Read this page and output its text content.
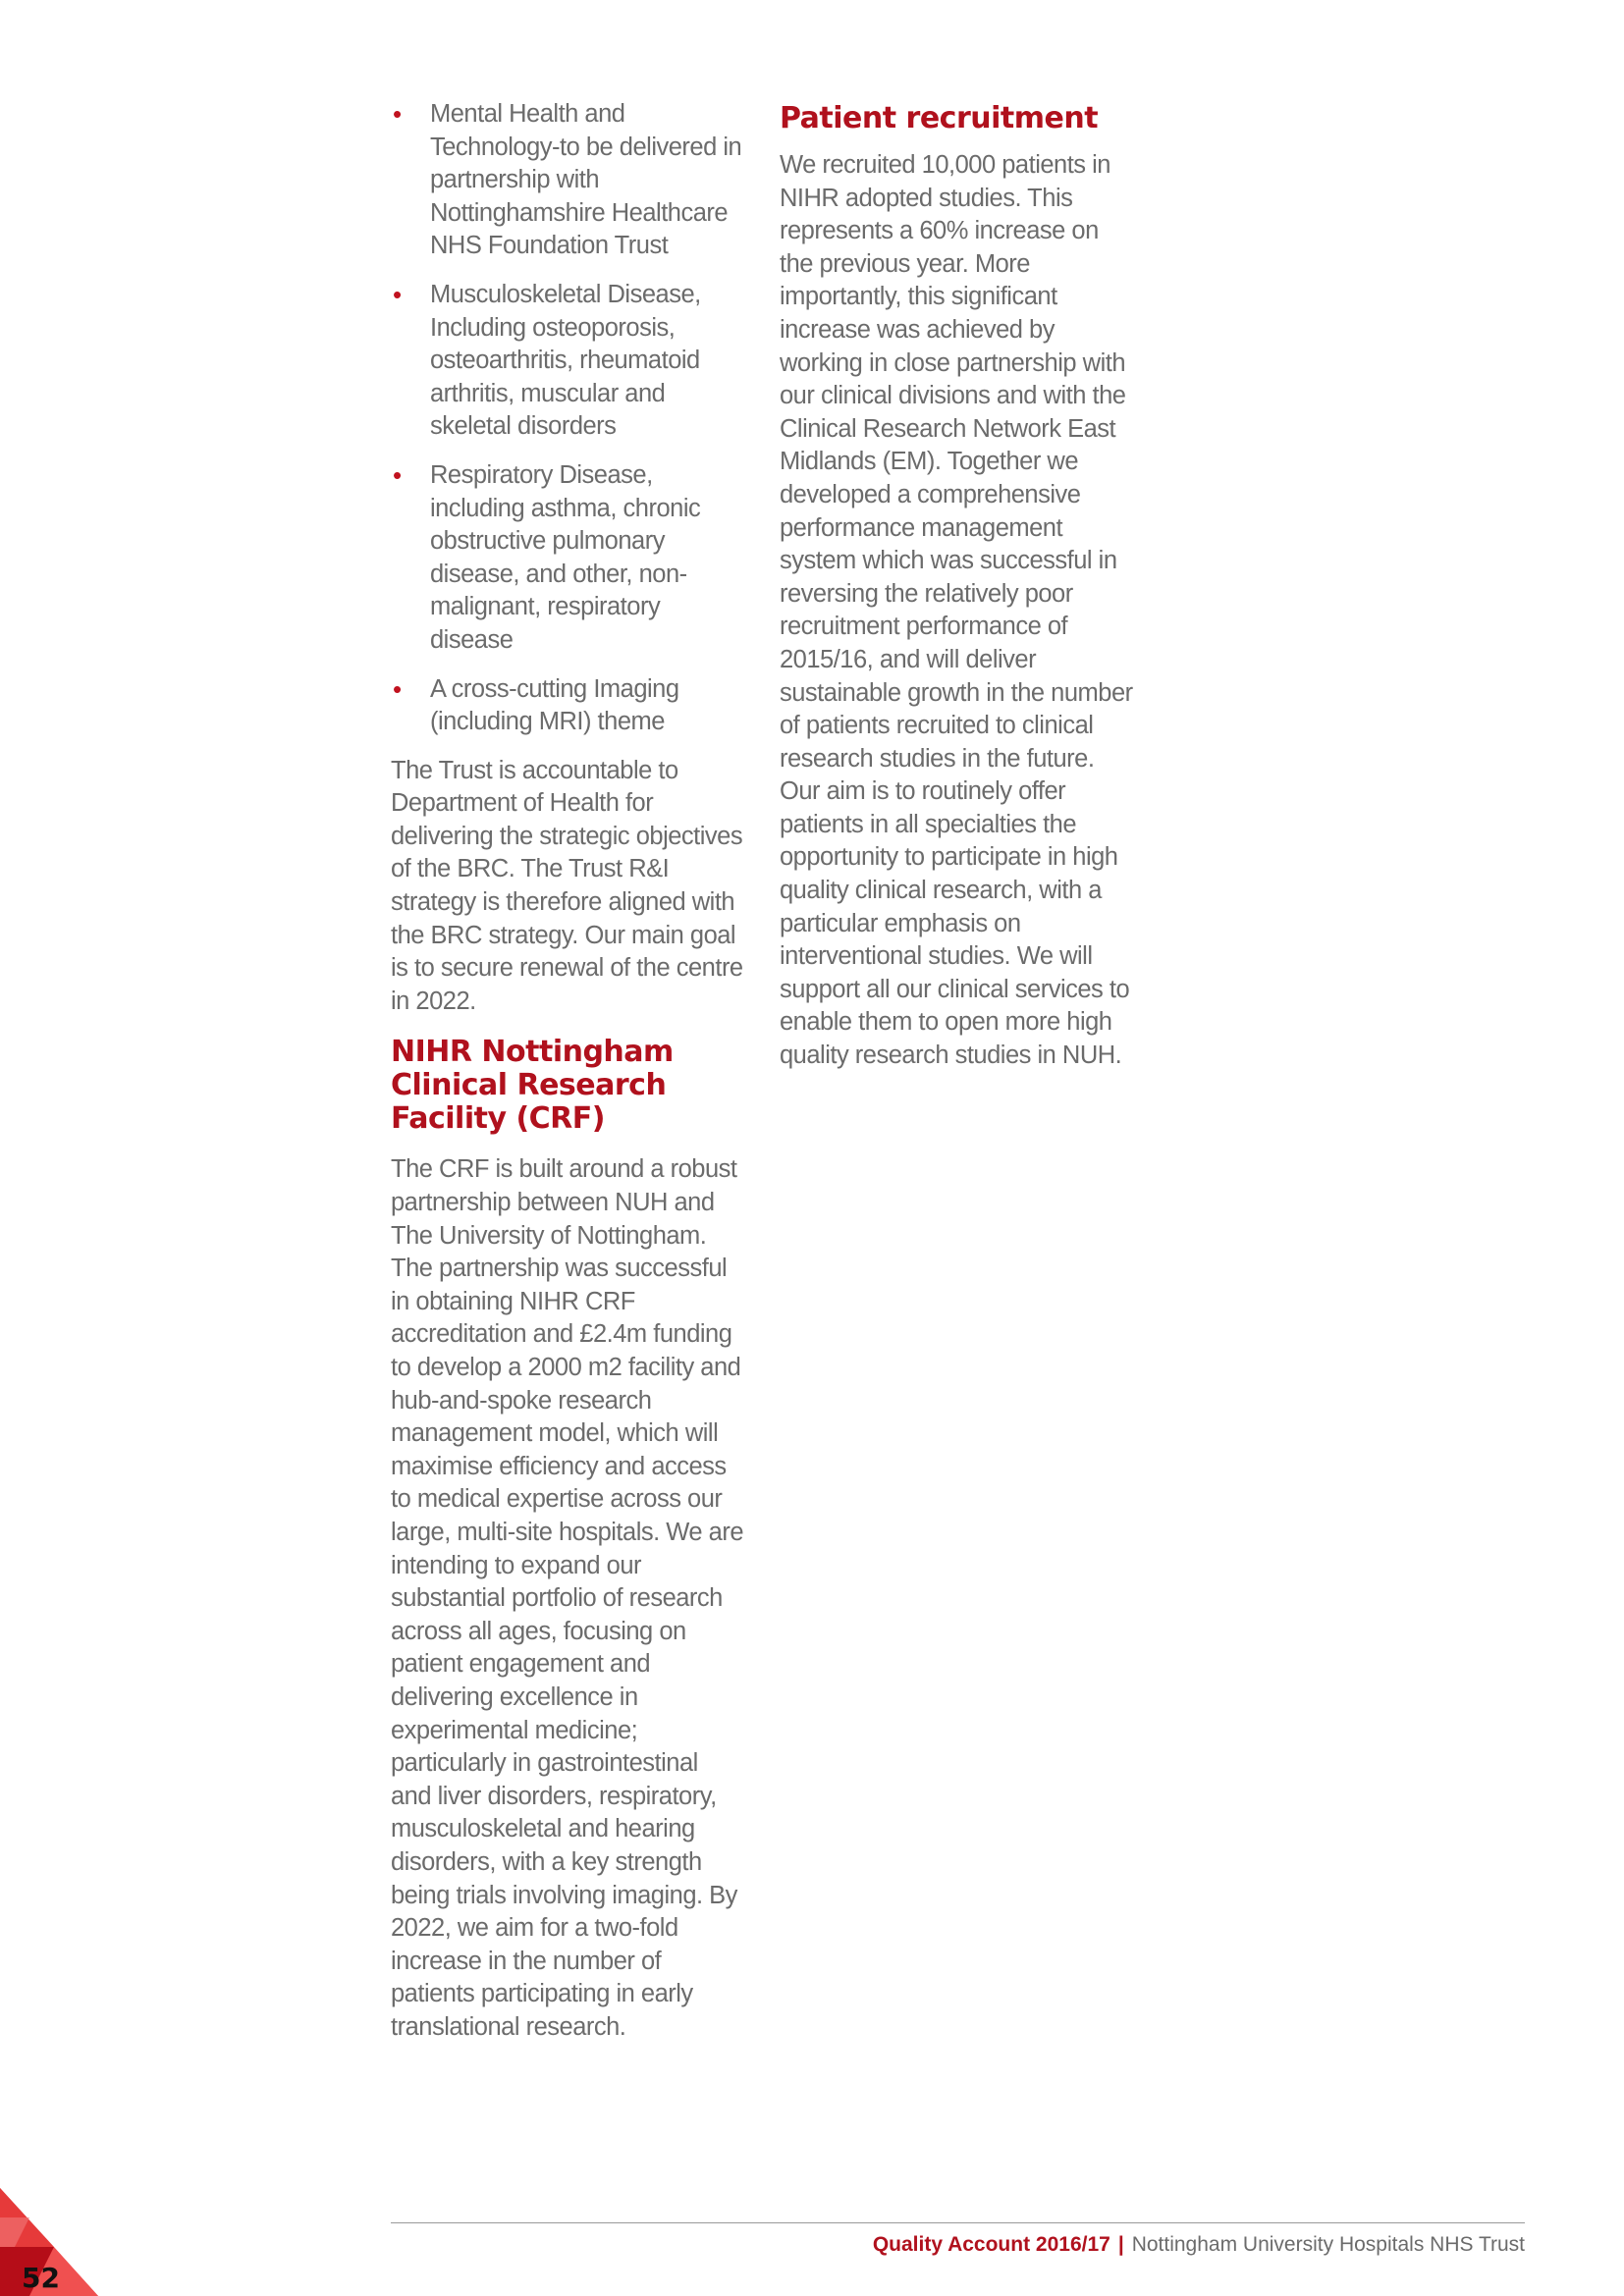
• Mental Health and Technology-to be delivered in partnership with Nottinghamshire Healthcare NHS Foundation Trust
• Musculoskeletal Disease, Including osteoporosis, osteoarthritis, rheumatoid arthritis, muscular and skeletal disorders
• Respiratory Disease, including asthma, chronic obstructive pulmonary disease, and other, non-malignant, respiratory disease
• A cross-cutting Imaging (including MRI) theme

The Trust is accountable to Department of Health for delivering the strategic objectives of the BRC. The Trust R&I strategy is therefore aligned with the BRC strategy. Our main goal is to secure renewal of the centre in 2022.

NIHR Nottingham Clinical Research Facility (CRF)

The CRF is built around a robust partnership between NUH and The University of Nottingham. The partnership was successful in obtaining NIHR CRF accreditation and £2.4m funding to develop a 2000 m2 facility and hub-and-spoke research management model, which will maximise efficiency and access to medical expertise across our large, multi-site hospitals. We are intending to expand our substantial portfolio of research across all ages, focusing on patient engagement and delivering excellence in experimental medicine; particularly in gastrointestinal and liver disorders, respiratory, musculoskeletal and hearing disorders, with a key strength being trials involving imaging. By 2022, we aim for a two-fold increase in the number of patients participating in early translational research.

Patient recruitment

We recruited 10,000 patients in NIHR adopted studies. This represents a 60% increase on the previous year. More importantly, this significant increase was achieved by working in close partnership with our clinical divisions and with the Clinical Research Network East Midlands (EM). Together we developed a comprehensive performance management system which was successful in reversing the relatively poor recruitment performance of 2015/16, and will deliver sustainable growth in the number of patients recruited to clinical research studies in the future. Our aim is to routinely offer patients in all specialties the opportunity to participate in high quality clinical research, with a particular emphasis on interventional studies. We will support all our clinical services to enable them to open more high quality research studies in NUH.

Quality Account 2016/17 | Nottingham University Hospitals NHS Trust
52
